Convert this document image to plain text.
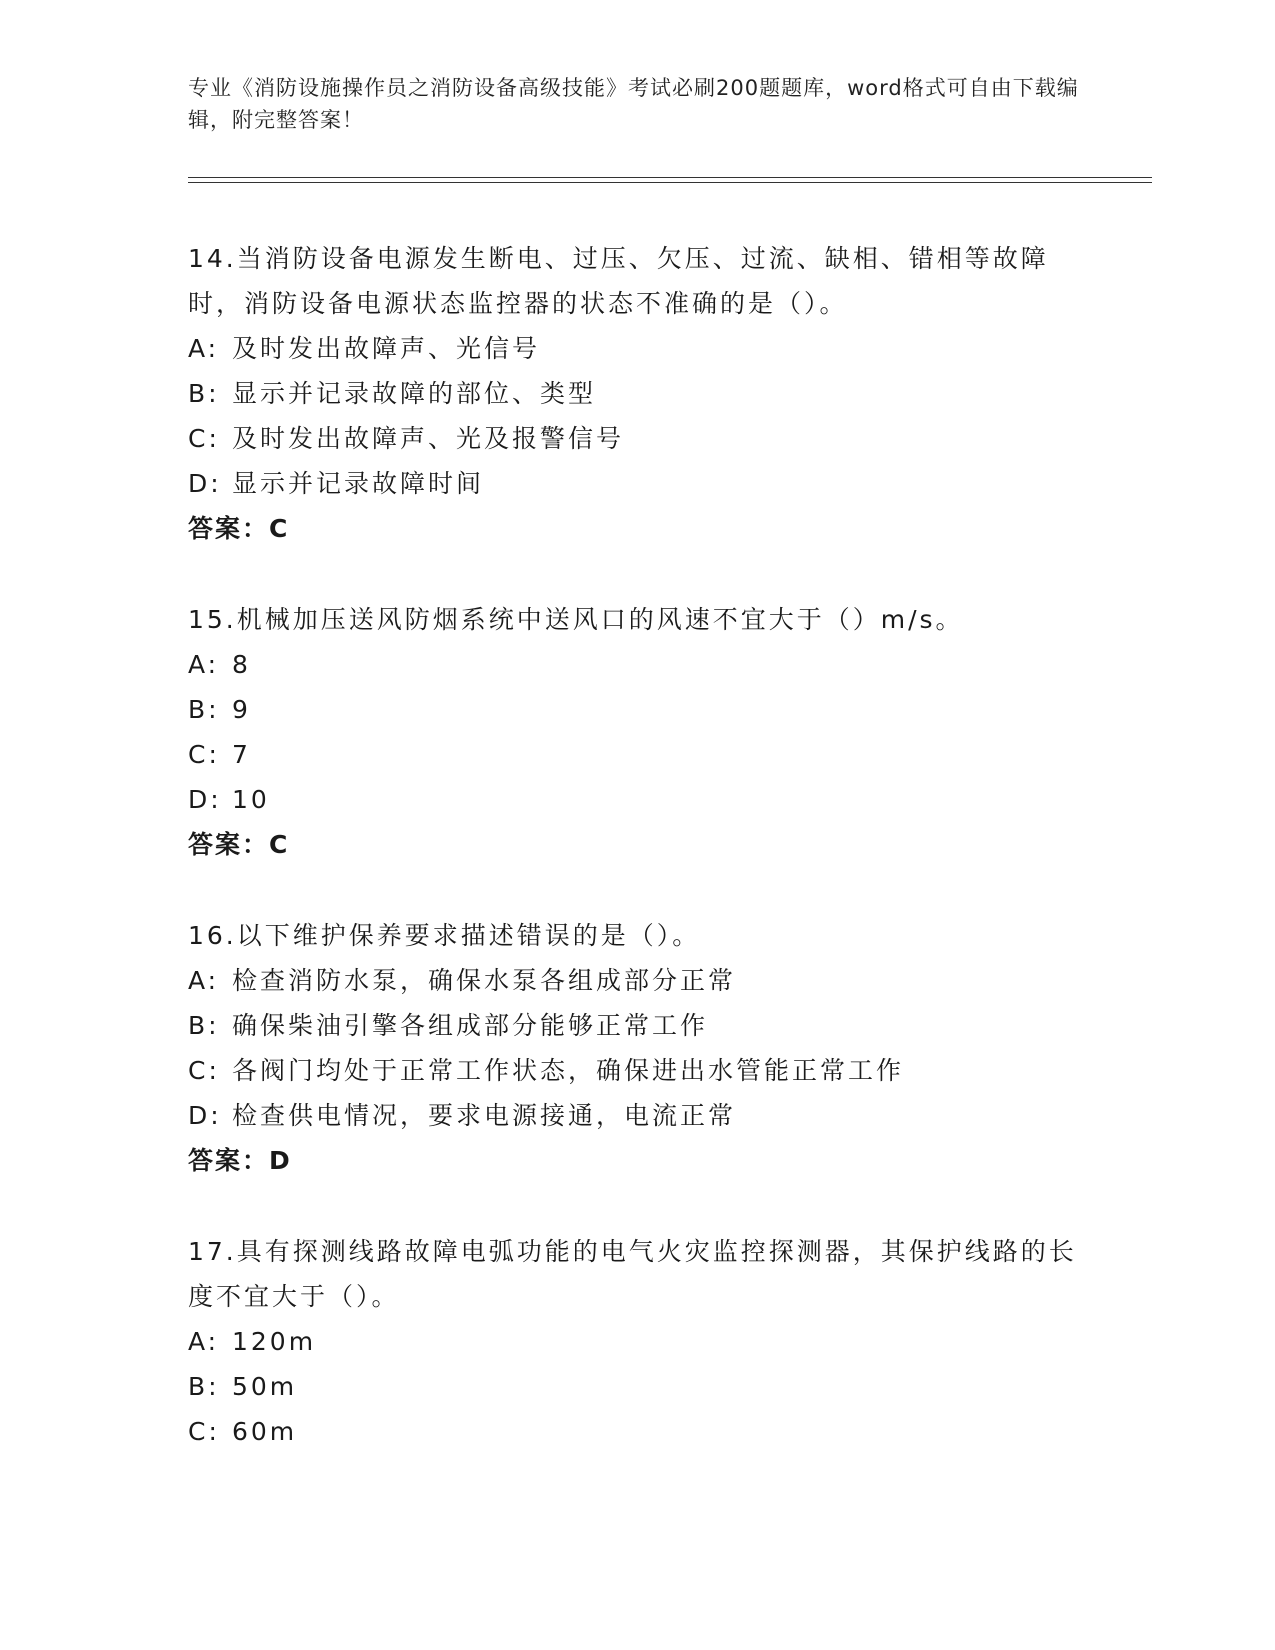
专业《消防设施操作员之消防设备高级技能》考试必刷200题题库，word格式可自由下载编辑，附完整答案！

14.当消防设备电源发生断电、过压、欠压、过流、缺相、错相等故障时，消防设备电源状态监控器的状态不准确的是（）。

A: 及时发出故障声、光信号
B: 显示并记录故障的部位、类型
C: 及时发出故障声、光及报警信号
D: 显示并记录故障时间
答案：C

15.机械加压送风防烟系统中送风口的风速不宜大于（）m/s。

A: 8
B: 9
C: 7
D: 10
答案：C

16.以下维护保养要求描述错误的是（）。

A: 检查消防水泵，确保水泵各组成部分正常
B: 确保柴油引擎各组成部分能够正常工作
C: 各阀门均处于正常工作状态，确保进出水管能正常工作
D: 检查供电情况，要求电源接通，电流正常
答案：D

17.具有探测线路故障电弧功能的电气火灾监控探测器，其保护线路的长度不宜大于（）。

A: 120m
B: 50m
C: 60m
